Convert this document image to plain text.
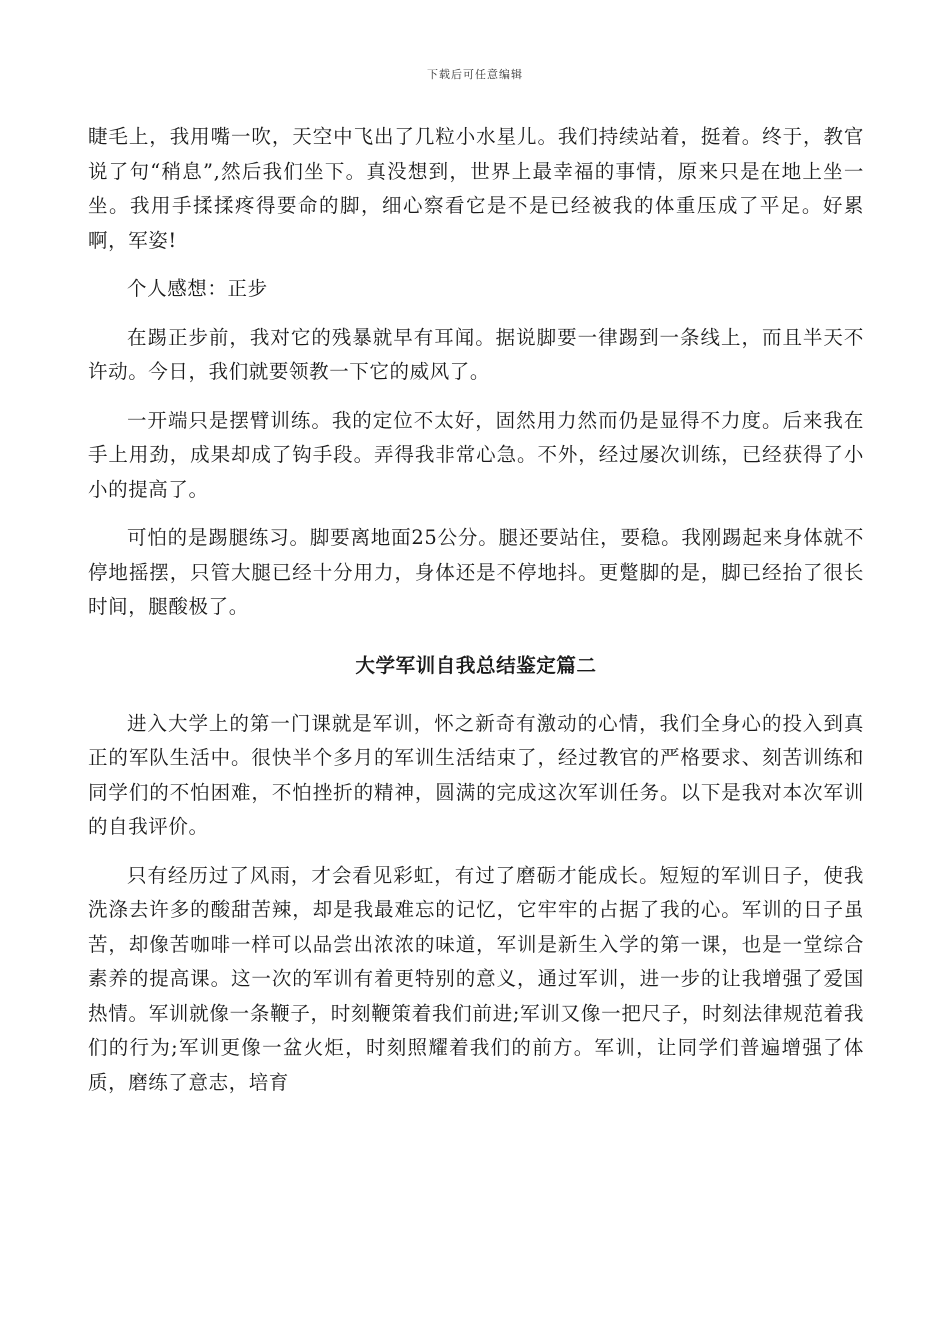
下载后可任意编辑

睫毛上，我用嘴一吹，天空中飞出了几粒小水星儿。我们持续站着，挺着。终于，教官说了句“稍息”,然后我们坐下。真没想到，世界上最幸福的事情，原来只是在地上坐一坐。我用手揉揉疼得要命的脚，细心察看它是不是已经被我的体重压成了平足。好累啊，军姿!

个人感想：正步

在踢正步前，我对它的残暴就早有耳闻。据说脚要一律踢到一条线上，而且半天不许动。今日，我们就要领教一下它的威风了。

一开端只是摆臂训练。我的定位不太好，固然用力然而仍是显得不力度。后来我在手上用劲，成果却成了钩手段。弄得我非常心急。不外，经过屡次训练，已经获得了小小的提高了。

可怕的是踢腿练习。脚要离地面25公分。腿还要站住，要稳。我刚踢起来身体就不停地摇摆，只管大腿已经十分用力，身体还是不停地抖。更蹩脚的是，脚已经抬了很长时间，腿酸极了。

大学军训自我总结鉴定篇二

进入大学上的第一门课就是军训，怀之新奇有激动的心情，我们全身心的投入到真正的军队生活中。很快半个多月的军训生活结束了，经过教官的严格要求、刻苦训练和同学们的不怕困难，不怕挫折的精神，圆满的完成这次军训任务。以下是我对本次军训的自我评价。

只有经历过了风雨，才会看见彩虹，有过了磨砺才能成长。短短的军训日子，使我洗涤去许多的酸甜苦辣，却是我最难忘的记忆，它牢牢的占据了我的心。军训的日子虽苦，却像苦咖啡一样可以品尝出浓浓的味道，军训是新生入学的第一课，也是一堂综合素养的提高课。这一次的军训有着更特别的意义，通过军训，进一步的让我增强了爱国热情。军训就像一条鞭子，时刻鞭策着我们前进;军训又像一把尺子，时刻法律规范着我们的行为;军训更像一盆火炬，时刻照耀着我们的前方。军训，让同学们普遍增强了体质，磨练了意志，培育
